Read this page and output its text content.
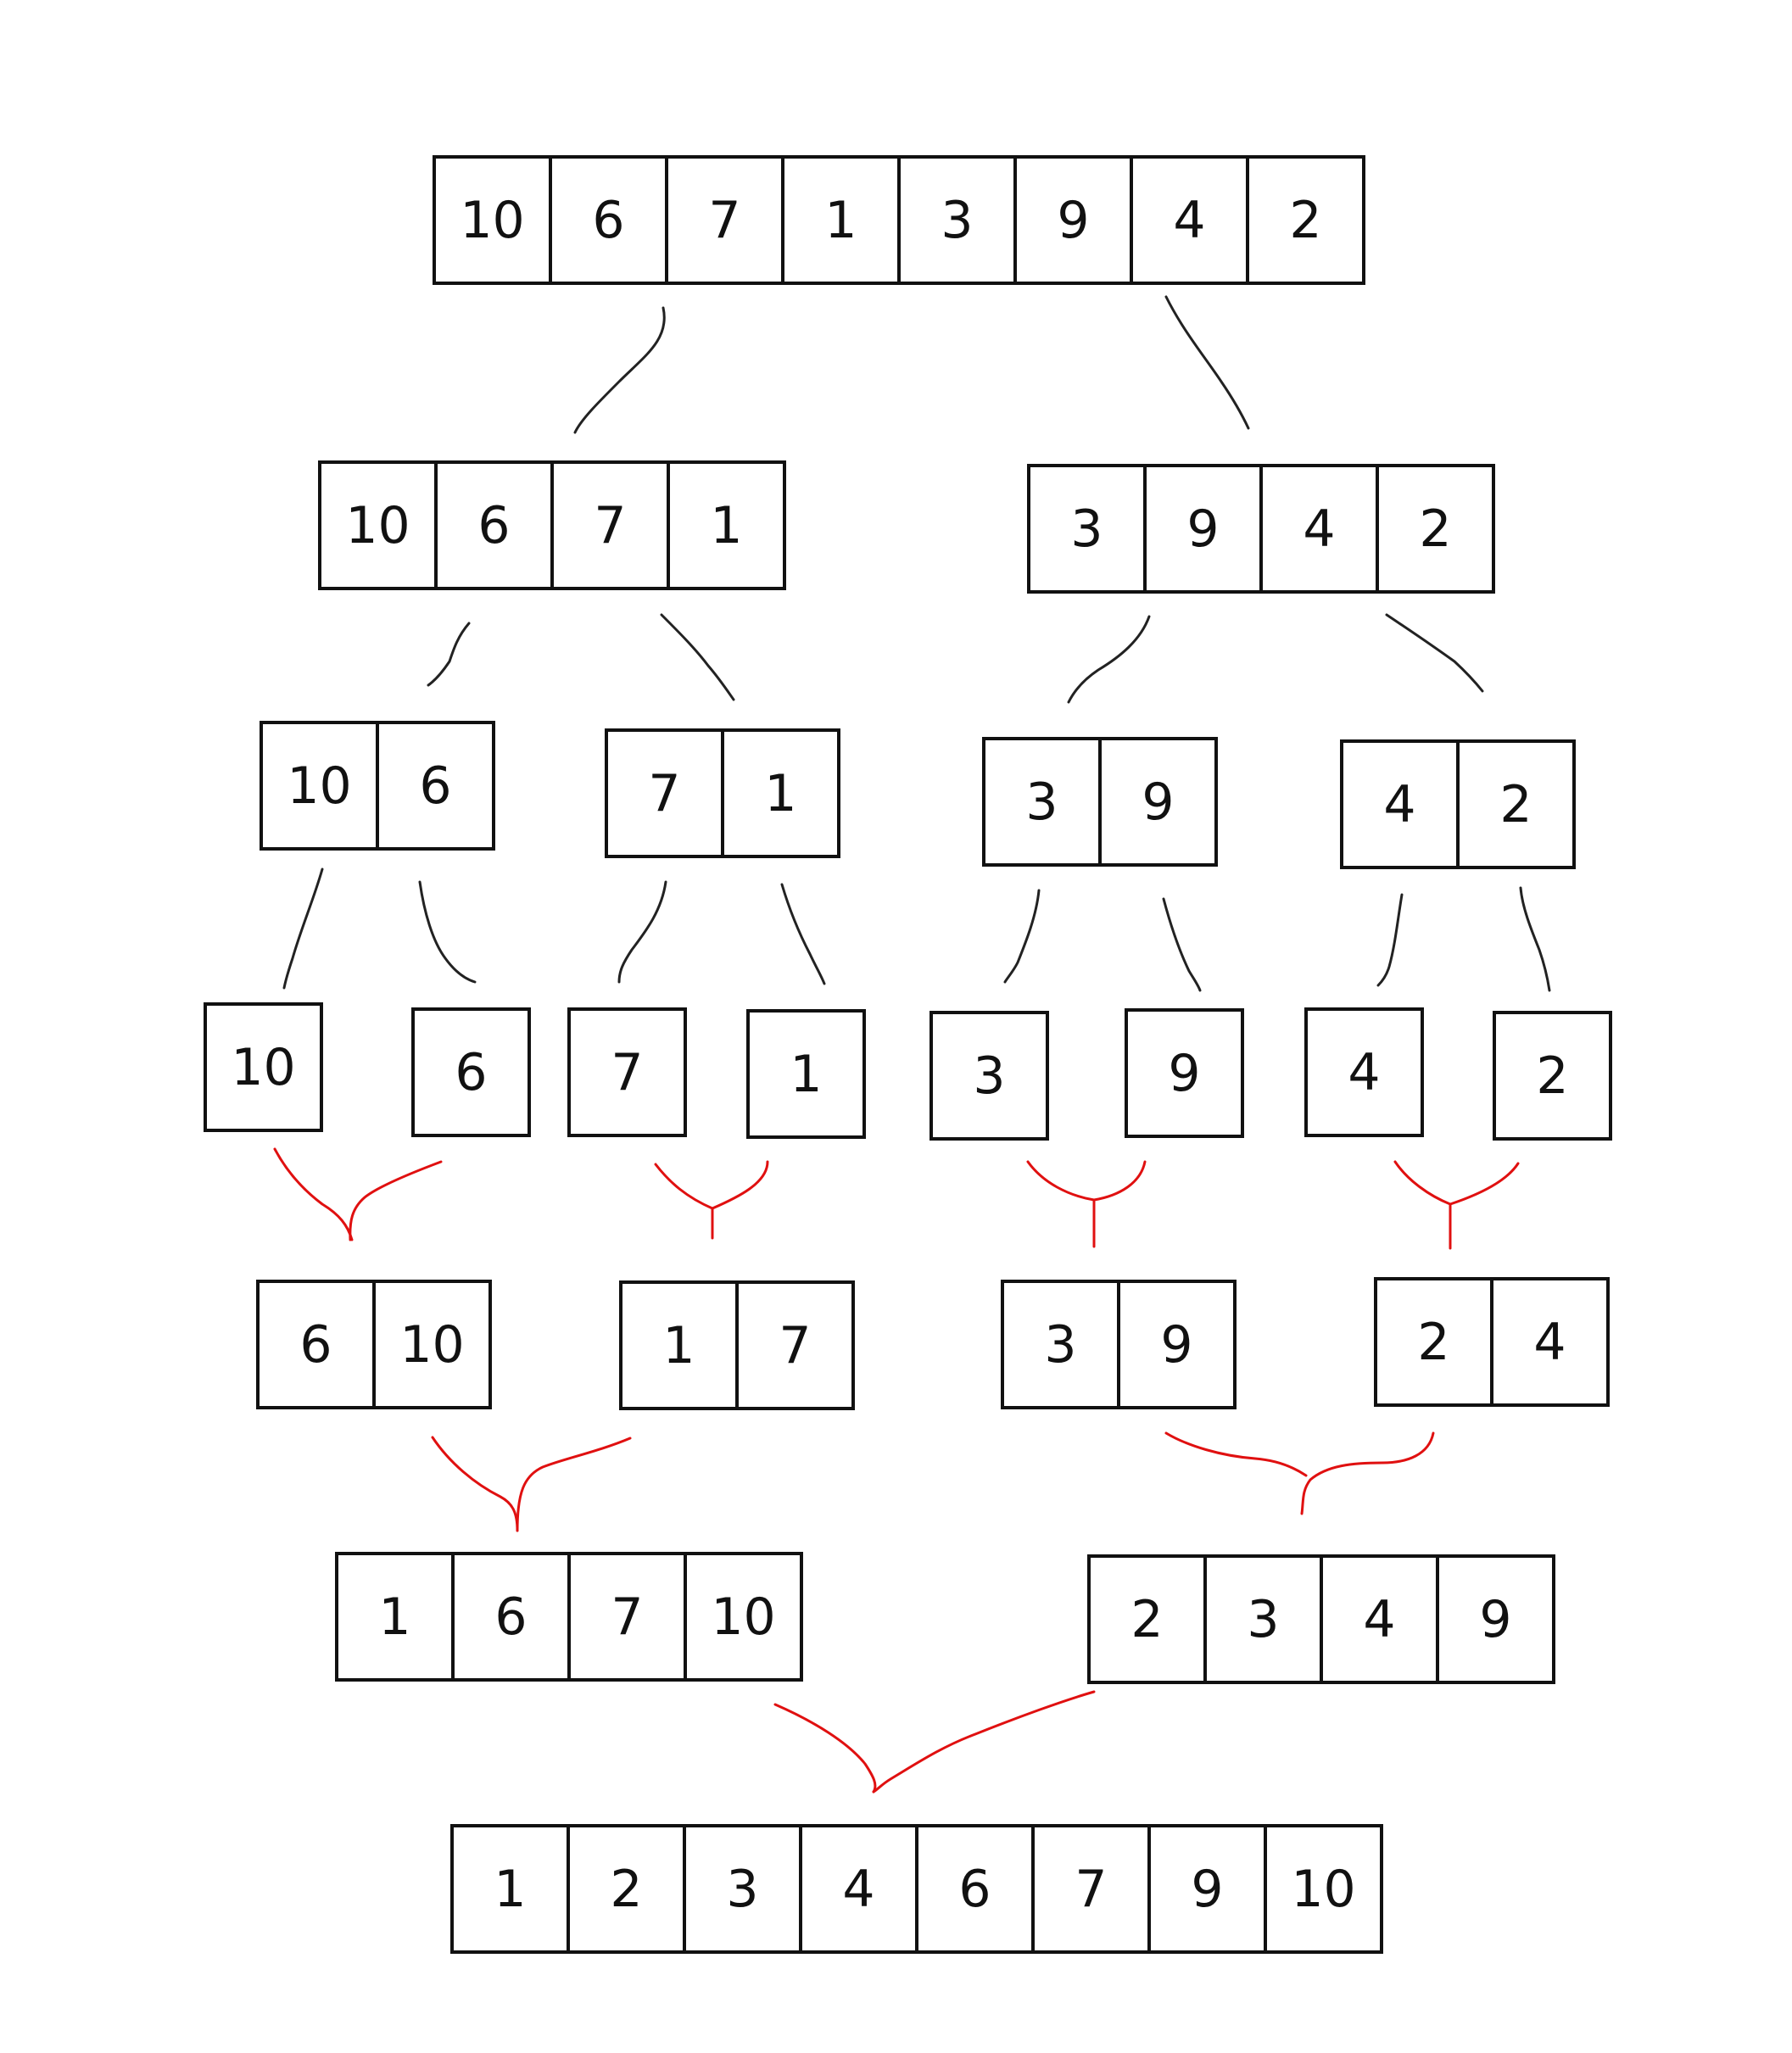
10	6	7	1	3	9	4	2
10	6	7	1	3	9	4	2
10	6	7	1	3	9	4	2
10	6	7	1	3	9	4	2
6	10	1	7	3	9	2	4
1	6	7	10	2	3	4	9
1	2	3	4	6	7	9	10
